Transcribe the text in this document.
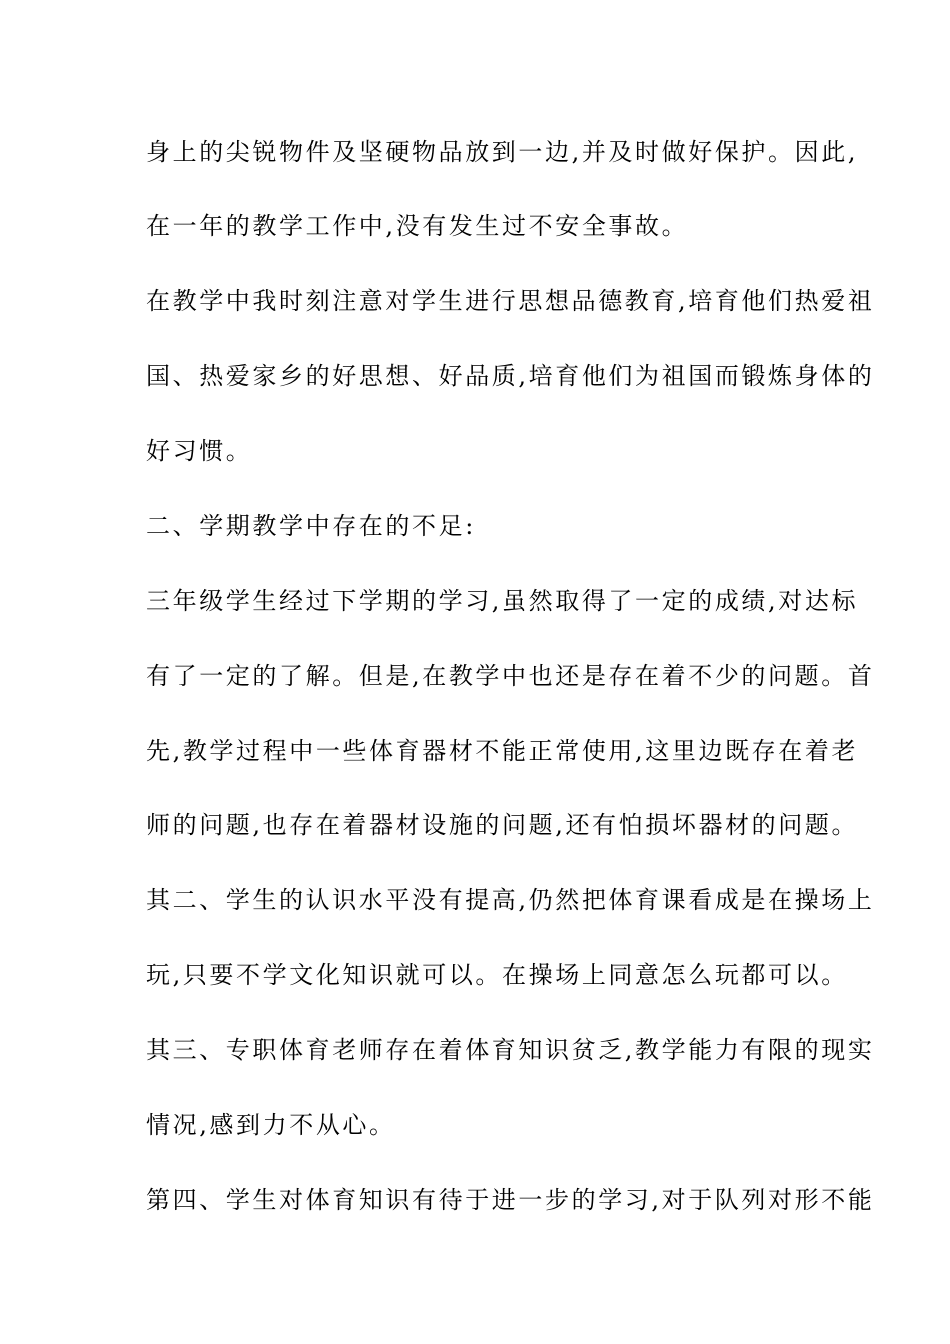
身上的尖锐物件及坚硬物品放到一边,并及时做好保护。因此,
在一年的教学工作中,没有发生过不安全事故。
在教学中我时刻注意对学生进行思想品德教育,培育他们热爱祖
国、热爱家乡的好思想、好品质,培育他们为祖国而锻炼身体的
好习惯。
二、学期教学中存在的不足:
三年级学生经过下学期的学习,虽然取得了一定的成绩,对达标
有了一定的了解。但是,在教学中也还是存在着不少的问题。首
先,教学过程中一些体育器材不能正常使用,这里边既存在着老
师的问题,也存在着器材设施的问题,还有怕损坏器材的问题。
其二、学生的认识水平没有提高,仍然把体育课看成是在操场上
玩,只要不学文化知识就可以。在操场上同意怎么玩都可以。
其三、专职体育老师存在着体育知识贫乏,教学能力有限的现实
情况,感到力不从心。
第四、学生对体育知识有待于进一步的学习,对于队列对形不能
